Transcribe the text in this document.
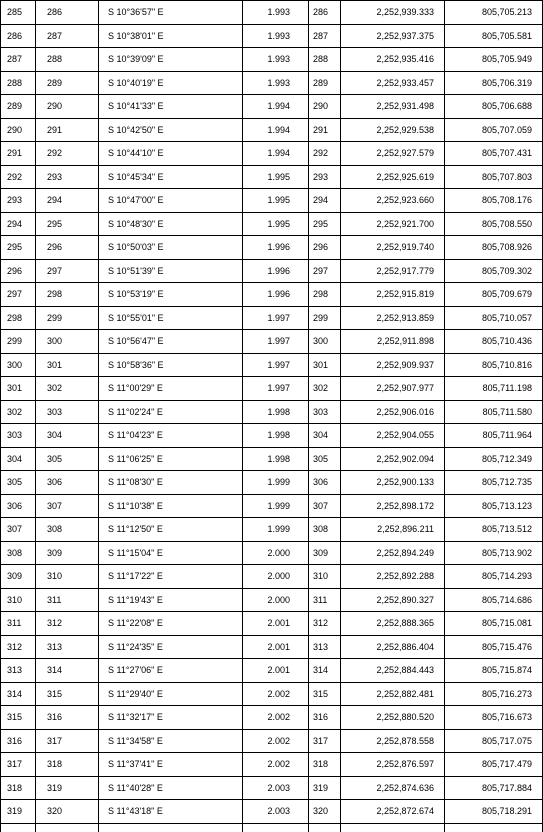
285	286	S 10°36'57" E	1.993	286	2,252,939.333	805,705.213
286	287	S 10°38'01" E	1.993	287	2,252,937.375	805,705.581
287	288	S 10°39'09" E	1.993	288	2,252,935.416	805,705.949
288	289	S 10°40'19" E	1.993	289	2,252,933.457	805,706.319
289	290	S 10°41'33" E	1.994	290	2,252,931.498	805,706.688
290	291	S 10°42'50" E	1.994	291	2,252,929.538	805,707.059
291	292	S 10°44'10" E	1.994	292	2,252,927.579	805,707.431
292	293	S 10°45'34" E	1.995	293	2,252,925.619	805,707.803
293	294	S 10°47'00" E	1.995	294	2,252,923.660	805,708.176
294	295	S 10°48'30" E	1.995	295	2,252,921.700	805,708.550
295	296	S 10°50'03" E	1.996	296	2,252,919.740	805,708.926
296	297	S 10°51'39" E	1.996	297	2,252,917.779	805,709.302
297	298	S 10°53'19" E	1.996	298	2,252,915.819	805,709.679
298	299	S 10°55'01" E	1.997	299	2,252,913.859	805,710.057
299	300	S 10°56'47" E	1.997	300	2,252,911.898	805,710.436
300	301	S 10°58'36" E	1.997	301	2,252,909.937	805,710.816
301	302	S 11°00'29" E	1.997	302	2,252,907.977	805,711.198
302	303	S 11°02'24" E	1.998	303	2,252,906.016	805,711.580
303	304	S 11°04'23" E	1.998	304	2,252,904.055	805,711.964
304	305	S 11°06'25" E	1.998	305	2,252,902.094	805,712.349
305	306	S 11°08'30" E	1.999	306	2,252,900.133	805,712.735
306	307	S 11°10'38" E	1.999	307	2,252,898.172	805,713.123
307	308	S 11°12'50" E	1.999	308	2,252,896.211	805,713.512
308	309	S 11°15'04" E	2.000	309	2,252,894.249	805,713.902
309	310	S 11°17'22" E	2.000	310	2,252,892.288	805,714.293
310	311	S 11°19'43" E	2.000	311	2,252,890.327	805,714.686
311	312	S 11°22'08" E	2.001	312	2,252,888.365	805,715.081
312	313	S 11°24'35" E	2.001	313	2,252,886.404	805,715.476
313	314	S 11°27'06" E	2.001	314	2,252,884.443	805,715.874
314	315	S 11°29'40" E	2.002	315	2,252,882.481	805,716.273
315	316	S 11°32'17" E	2.002	316	2,252,880.520	805,716.673
316	317	S 11°34'58" E	2.002	317	2,252,878.558	805,717.075
317	318	S 11°37'41" E	2.002	318	2,252,876.597	805,717.479
318	319	S 11°40'28" E	2.003	319	2,252,874.636	805,717.884
319	320	S 11°43'18" E	2.003	320	2,252,872.674	805,718.291
